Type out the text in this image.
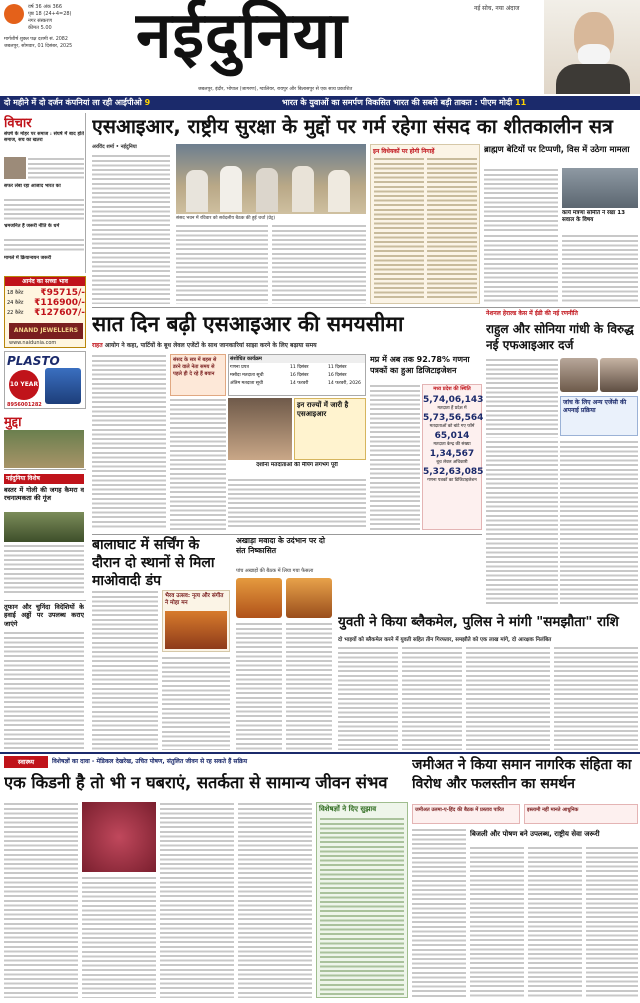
वर्ष 36 अंक 366
पृष्ठ 18 (24+4=28)
नगर संस्करण
कीमत 5.00
मार्गशीर्ष शुक्ल पक्ष दशमी सं. 2082
जबलपुर, सोमवार, 01 दिसंबर, 2025 नईदुनिया	नई सोच, नया अंदाज
जबलपुर, इंदौर, भोपाल (जागरण), ग्वालियर, रायपुर और बिलासपुर से एक साथ प्रकाशित
दो महीने में दो दर्जन कंपनियां ला रही आईपीओ 9	भारत के युवाओं का समर्पण विकसित भारत की सबसे बड़ी ताकत : पीएम मोदी 11
विचार
संघर्ष के मोहर पर समाज : संघर्ष में बाद होते समाज, सच का खतरा
सफर लंबा रहा आजाद भारत का
भ्रमजनित हैं जरूरी नीति के धर्म
मामले में क्रियान्वयन जरूरी
आनंद का सच्चा भाव
18 कैरेट ₹95715/-
24 कैरेट ₹116900/-
22 कैरेट ₹127607/-
ANAND JEWELLERS
www.naidunia.com
PLASTO
10 YEAR
8956001282
मुद्दा
नईदुनिया विशेष
बस्तर में गोली की जगह कैमरा व रचनात्मकता की गूंज
तूफान और चुनिंदा विदेशियों के हवाई अड्डों पर उपलब्ध कराए जाएंगे
एसआइआर, राष्ट्रीय सुरक्षा के मुद्दों पर गर्म रहेगा संसद का शीतकालीन सत्र
अरविंद शर्मा • नईदुनिया
संसद भवन में रविवार को सर्वदलीय बैठक की हुई चर्चा (प्रेट्र)
इन विधेयकों पर होगी निगाहें	ब्राह्मण बेटियों पर टिप्पणी, विस में उठेगा मामला
कार्य मंत्रणा समिति ने रखा 13 सवाल के विषय
सात दिन बढ़ी एसआइआर की समयसीमा
राहत आयोग ने कहा, पार्टियों के बूथ लेवल एजेंटों के साथ जानकारियां साझा करने के लिए बढ़ाया समय
संसद के सत्र में बहस से डरने वाले नेता समय से पहले ही दे रहे हैं बयान
संशोधित कार्यक्रम
गणना प्रपत्र	11 दिसंबर	11 दिसंबर
मसौदा मतदाता सूची	16 दिसंबर	16 दिसंबर
अंतिम मतदाता सूची	14 फरवरी	14 फरवरी, 2026
इन राज्यों में जारी है एसआइआर
दर्शाना मतदाताओं की मैपिंग लगभग पूरी
मप्र में अब तक 92.78% गणना पत्रकों का हुआ डिजिटाइजेशन
मध्य प्रदेश की स्थिति
5,74,06,143
मतदाता हैं प्रदेश में
5,73,56,564
मतदाताओं को बांटे गए फॉर्म
65,014
मतदाता केन्द्र की संख्या
1,34,567
बूथ लेवल अधिकारी
5,32,63,085
गणना पत्रकों का डिजिटाइजेशन
नेशनल हेराल्ड केस में ईडी की नई रणनीति
राहुल और सोनिया गांधी के विरुद्ध नई एफआइआर दर्ज
जांच के लिए अन्य एजेंसी की अपनाई प्रक्रिया
बालाघाट में सर्चिंग के दौरान दो स्थानों से मिला माओवादी डंप
भैरव उत्सव: नृत्य और संगीत ने मोहा मन
अखाड़ा मवादा के उदंभान पर दो संत निष्कासित
पांच अखाड़ों की बैठक में लिया गया फैसला
युवती ने किया ब्लैकमेल, पुलिस ने मांगी "समझौता" राशि
दो भाइयों को ब्लैकमेल करने में युवती सहित तीन गिरफ्तार, समझौते को एक लाख मांगे, दो आरक्षक निलंबित
स्वास्थ्य	विशेषज्ञों का दावा - मेडिकल देखरेख, उचित पोषण, संतुलित जीवन से रह सकते हैं सक्रिय
एक किडनी है तो भी न घबराएं, सतर्कता से सामान्य जीवन संभव
विशेषज्ञों ने दिए सुझाव
जमीअत ने किया समान नागरिक संहिता का विरोध और फलस्तीन का समर्थन
जमीअत उलमा-ए-हिंद की बैठक में प्रस्ताव पारित	इस्लामी नहीं मानते आधुनिक
बिजली और पोषण बने उपलब्ध, राष्ट्रीय सेवा जरूरी
